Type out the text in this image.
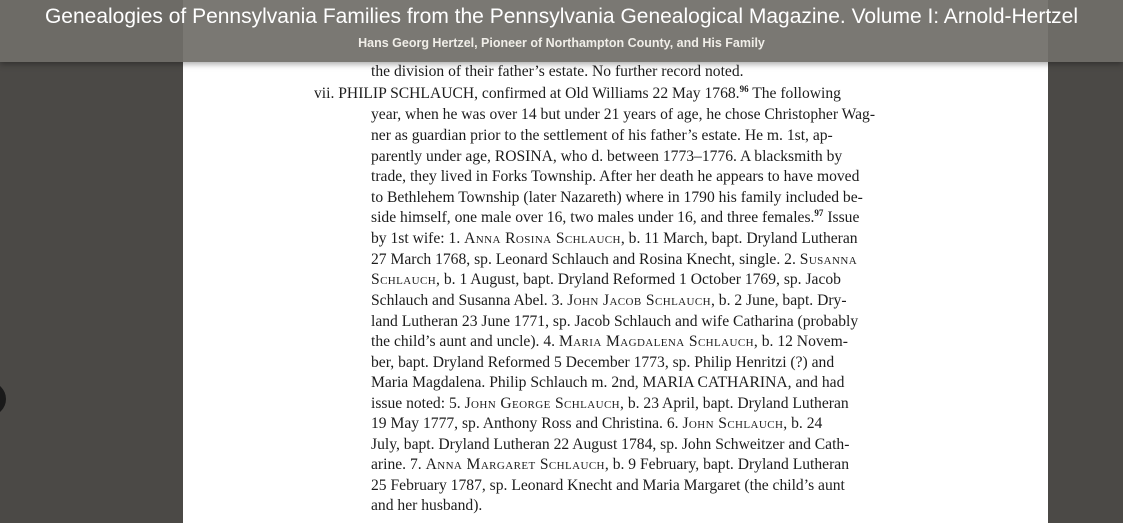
the division of their father’s estate. No further record noted.
vii. PHILIP SCHLAUCH, confirmed at Old Williams 22 May 1768.96 The following
year, when he was over 14 but under 21 years of age, he chose Christopher Wag-
ner as guardian prior to the settlement of his father’s estate. He m. 1st, ap-
parently under age, ROSINA, who d. between 1773–1776. A blacksmith by
trade, they lived in Forks Township. After her death he appears to have moved
to Bethlehem Township (later Nazareth) where in 1790 his family included be-
side himself, one male over 16, two males under 16, and three females.$^{97}$ Issue
by 1st wife: 1. Anna Rosina Schlauch, b. 11 March, bapt. Dryland Lutheran
27 March 1768, sp. Leonard Schlauch and Rosina Knecht, single. 2. Susanna
Schlauch, b. 1 August, bapt. Dryland Reformed 1 October 1769, sp. Jacob
Schlauch and Susanna Abel. 3. John Jacob Schlauch, b. 2 June, bapt. Dry-
land Lutheran 23 June 1771, sp. Jacob Schlauch and wife Catharina (probably
the child’s aunt and uncle). 4. Maria Magdalena Schlauch, b. 12 Novem-
ber, bapt. Dryland Reformed 5 December 1773, sp. Philip Henritzi (?) and
Maria Magdalena. Philip Schlauch m. 2nd, MARIA CATHARINA, and had
issue noted: 5. John George Schlauch, b. 23 April, bapt. Dryland Lutheran
19 May 1777, sp. Anthony Ross and Christina. 6. John Schlauch, b. 24
July, bapt. Dryland Lutheran 22 August 1784, sp. John Schweitzer and Cath-
arine. 7. Anna Margaret Schlauch, b. 9 February, bapt. Dryland Lutheran
25 February 1787, sp. Leonard Knecht and Maria Margaret (the child’s aunt
and her husband).
Genealogies of Pennsylvania Families from the Pennsylvania Genealogical Magazine. Volume I: Arnold-Hertzel
Hans Georg Hertzel, Pioneer of Northampton County, and His Family
